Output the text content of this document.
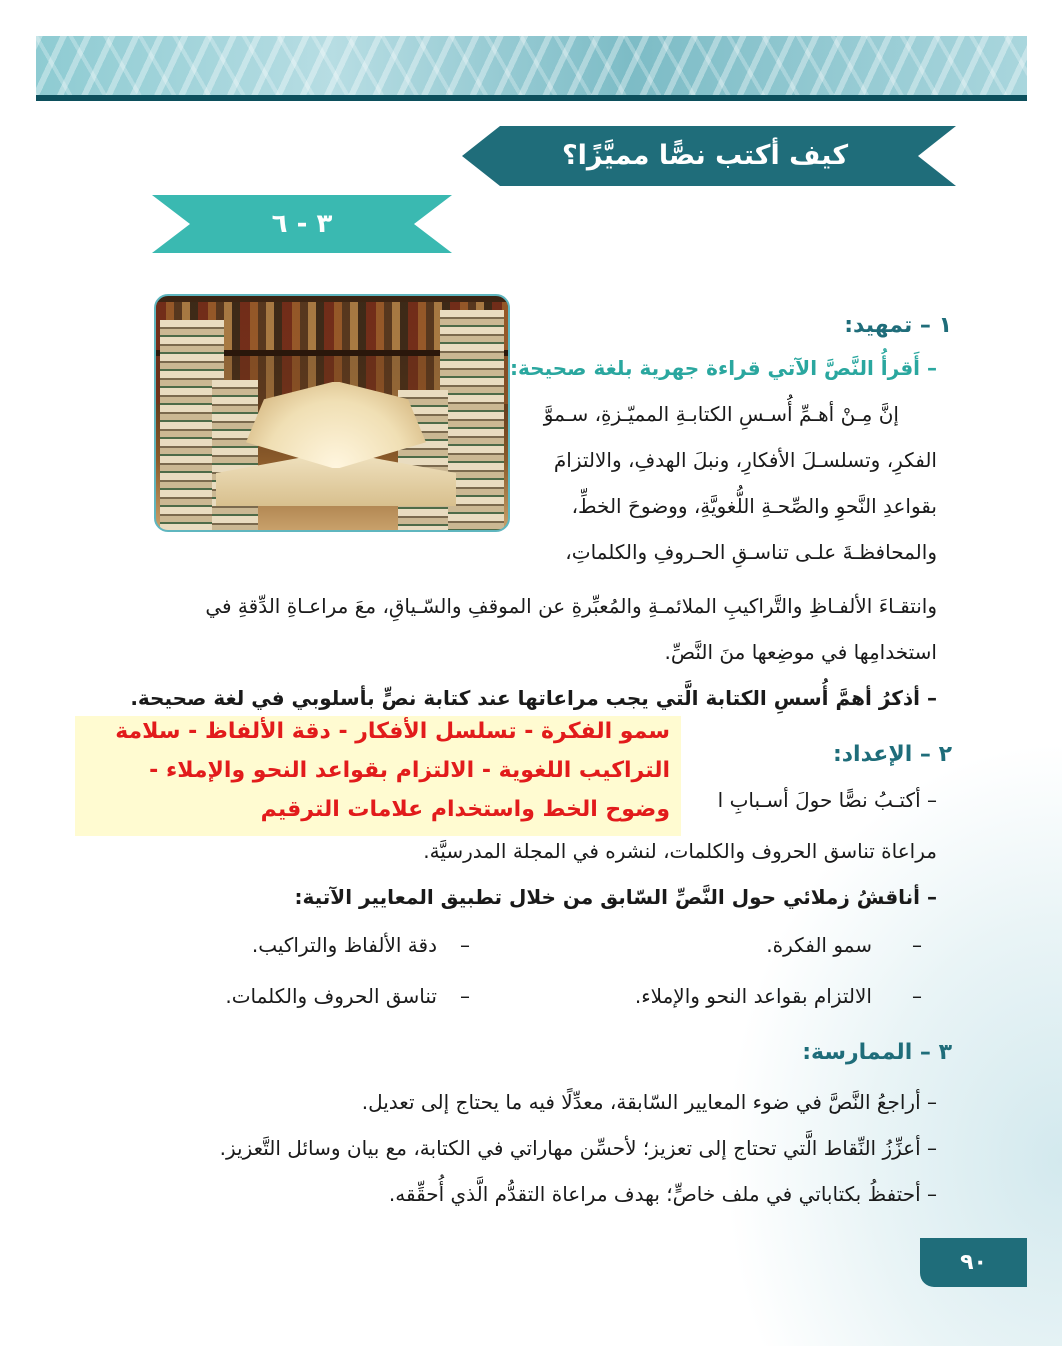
كيف أكتب نصًّا مميَّزًا؟
٣ - ٦
١ – تمهيد:
– أَقرأُ النَّصَّ الآتي قراءة جهرية بلغة صحيحة:
إنَّ مِـنْ أهـمِّ أُسـسِ الكتابـةِ المميّـزةِ، سـموَّ
الفكرِ، وتسلسـلَ الأفكارِ، ونبلَ الهدفِ، والالتزامَ
بقواعدِ النَّحوِ والصِّحـةِ اللُّغويَّةِ، ووضوحَ الخطِّ،
والمحافظـةَ علـى تناسـقِ الحـروفِ والكلماتِ،
وانتقـاءَ الألفـاظِ والتَّراكيبِ الملائمـةِ والمُعبِّرةِ عن الموقفِ والسّـياقِ، معَ مراعـاةِ الدِّقةِ في
استخدامِها في موضِعها منَ النَّصِّ.
– أذكرُ أهمَّ أُسسِ الكتابة الَّتي يجب مراعاتها عند كتابة نصٍّ بأسلوبي في لغة صحيحة.
٢ – الإعداد:
– أكتـبُ نصًّا حولَ أسـبابِ ا
مراعاة تناسق الحروف والكلمات، لنشره في المجلة المدرسيَّة.
– أناقشُ زملائي حول النَّصِّ السّابق من خلال تطبيق المعايير الآتية:
–
سمو الفكرة.
–
دقة الألفاظ والتراكيب.
–
الالتزام بقواعد النحو والإملاء.
–
تناسق الحروف والكلمات.
سمو الفكرة - تسلسل الأفكار - دقة الألفاظ - سلامة
التراكيب اللغوية - الالتزام بقواعد النحو والإملاء -
وضوح الخط واستخدام علامات الترقيم
٣ – الممارسة:
– أراجعُ النَّصَّ في ضوء المعايير السّابقة، معدِّلًا فيه ما يحتاج إلى تعديل.
– أعزِّزُ النِّقاط الَّتي تحتاج إلى تعزيز؛ لأحسِّن مهاراتي في الكتابة، مع بيان وسائل التَّعزيز.
– أحتفظُ بكتاباتي في ملف خاصٍّ؛ بهدف مراعاة التقدُّم الَّذي أُحقِّقه.
٩٠
